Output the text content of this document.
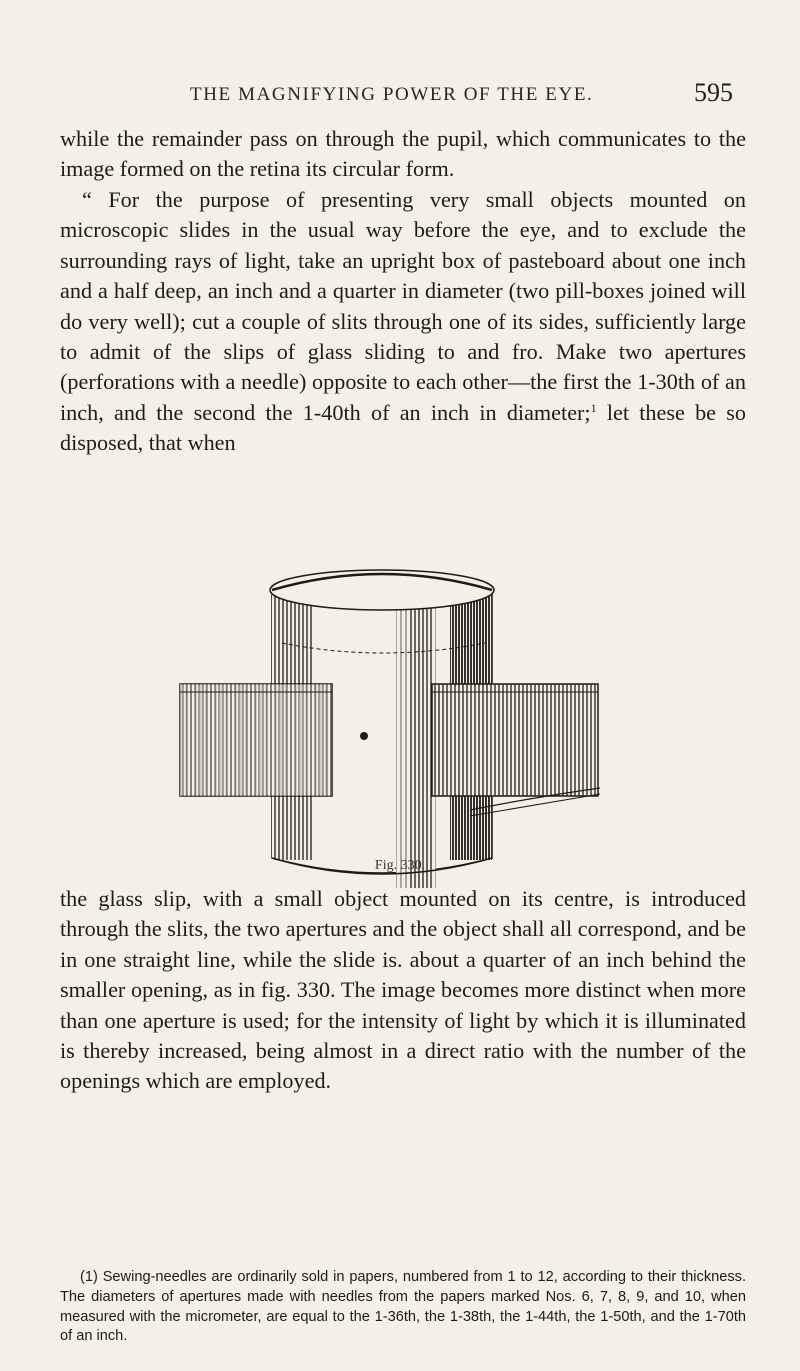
THE MAGNIFYING POWER OF THE EYE.	595

while the remainder pass on through the pupil, which communicates to the image formed on the retina its circular form.

“ For the purpose of presenting very small objects mounted on microscopic slides in the usual way before the eye, and to exclude the surrounding rays of light, take an upright box of pasteboard about one inch and a half deep, an inch and a quarter in diameter (two pill-boxes joined will do very well); cut a couple of slits through one of its sides, sufficiently large to admit of the slips of glass sliding to and fro. Make two apertures (perforations with a needle) opposite to each other—the first the 1-30th of an inch, and the second the 1-40th of an inch in diameter;$^1$ let these be so disposed, that when

Fig. 330.

the glass slip, with a small object mounted on its centre, is introduced through the slits, the two apertures and the object shall all correspond, and be in one straight line, while the slide is. about a quarter of an inch behind the smaller opening, as in fig. 330. The image becomes more distinct when more than one aperture is used; for the intensity of light by which it is illuminated is thereby increased, being almost in a direct ratio with the number of the openings which are employed.

(1) Sewing-needles are ordinarily sold in papers, numbered from 1 to 12, according to their thickness. The diameters of apertures made with needles from the papers marked Nos. 6, 7, 8, 9, and 10, when measured with the micrometer, are equal to the 1-36th, the 1-38th, the 1-44th, the 1-50th, and the 1-70th of an inch.
